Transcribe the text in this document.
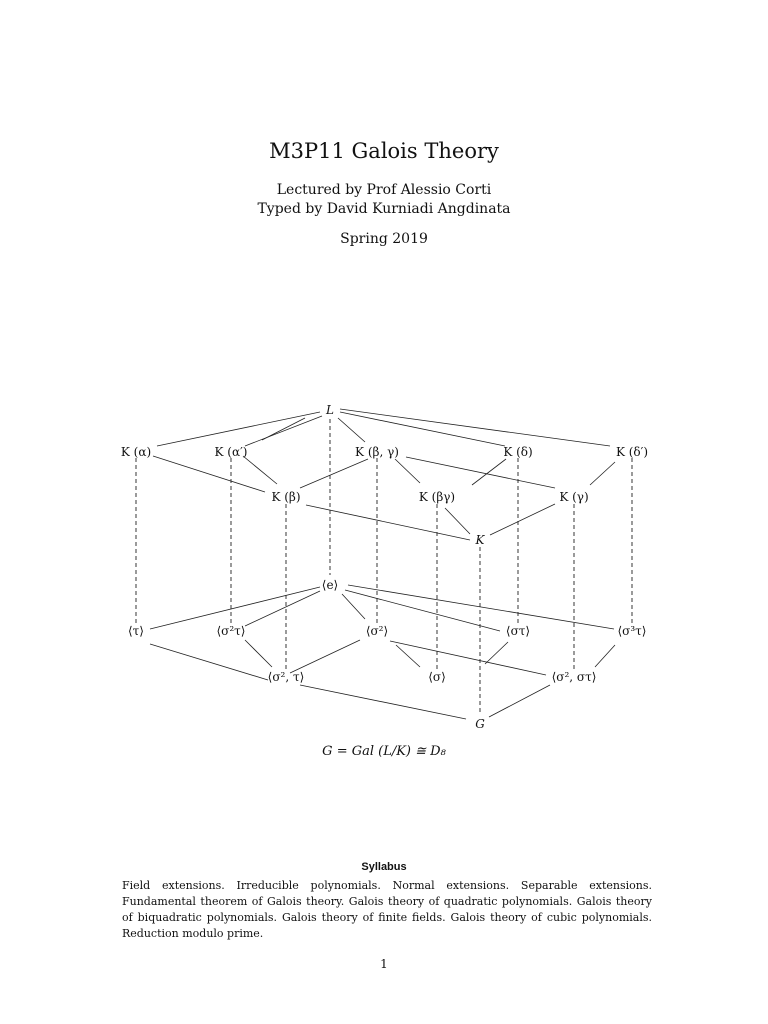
M3P11 Galois Theory
Lectured by Prof Alessio Corti
Typed by David Kurniadi Angdinata
Spring 2019
L
K (α)	K (α′)	K (β, γ)	K (δ)	K (δ′)
K (β)	K (βγ)	K (γ)
K
⟨e⟩
⟨τ⟩	⟨σ²τ⟩	⟨σ²⟩	⟨στ⟩	⟨σ³τ⟩
⟨σ², τ⟩	⟨σ⟩	⟨σ², στ⟩
G
G = Gal (L/K) ≅ D₈
Syllabus
Field extensions. Irreducible polynomials. Normal extensions. Separable extensions. Fundamental theorem of Galois theory. Galois theory of quadratic polynomials. Galois theory of biquadratic polynomials. Galois theory of finite fields. Galois theory of cubic polynomials. Reduction modulo prime.
1
